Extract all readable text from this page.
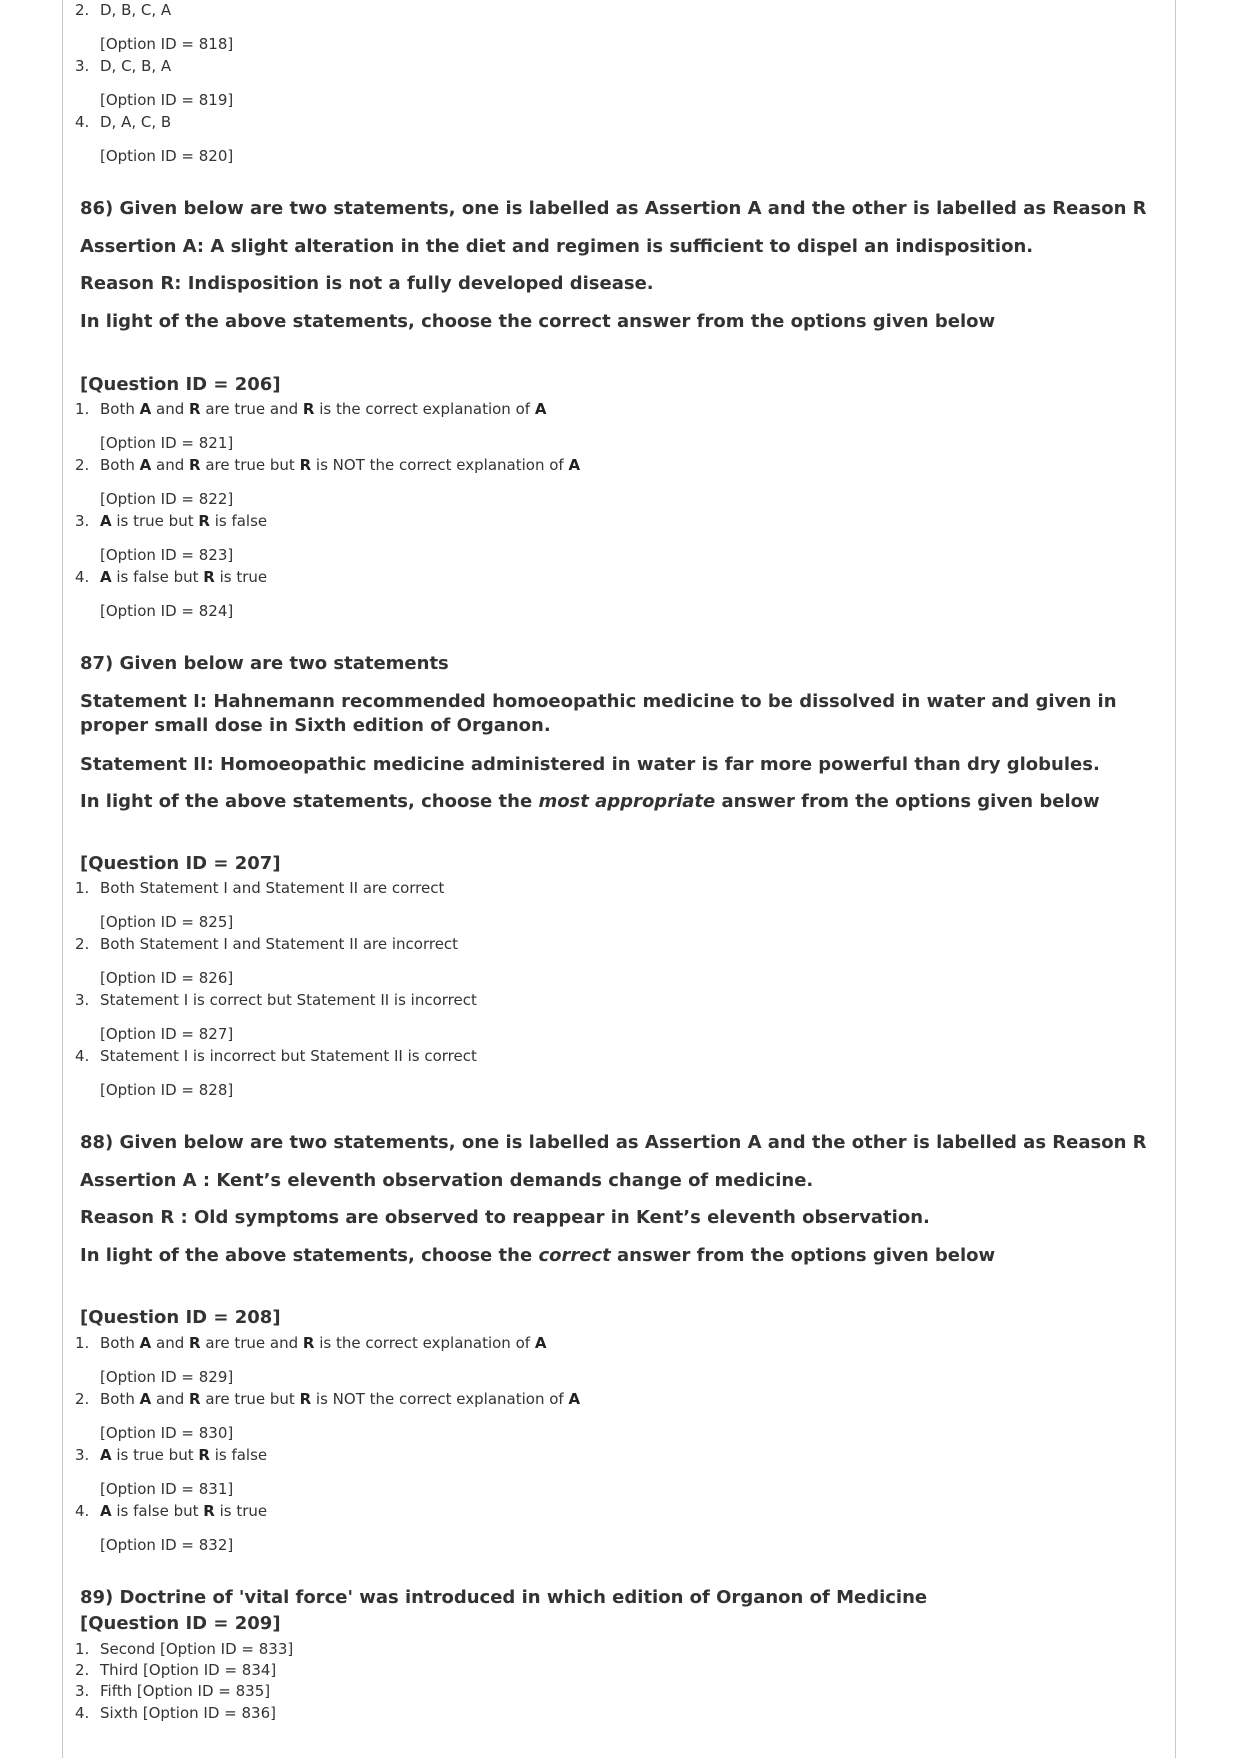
2. D, B, C, A
[Option ID = 818]
3. D, C, B, A
[Option ID = 819]
4. D, A, C, B
[Option ID = 820]
86) Given below are two statements, one is labelled as Assertion A and the other is labelled as Reason R
Assertion A: A slight alteration in the diet and regimen is sufficient to dispel an indisposition.
Reason R: Indisposition is not a fully developed disease.
In light of the above statements, choose the correct answer from the options given below
[Question ID = 206]
1. Both A and R are true and R is the correct explanation of A
[Option ID = 821]
2. Both A and R are true but R is NOT the correct explanation of A
[Option ID = 822]
3. A is true but R is false
[Option ID = 823]
4. A is false but R is true
[Option ID = 824]
87) Given below are two statements
Statement I: Hahnemann recommended homoeopathic medicine to be dissolved in water and given in proper small dose in Sixth edition of Organon.
Statement II: Homoeopathic medicine administered in water is far more powerful than dry globules.
In light of the above statements, choose the most appropriate answer from the options given below
[Question ID = 207]
1. Both Statement I and Statement II are correct
[Option ID = 825]
2. Both Statement I and Statement II are incorrect
[Option ID = 826]
3. Statement I is correct but Statement II is incorrect
[Option ID = 827]
4. Statement I is incorrect but Statement II is correct
[Option ID = 828]
88) Given below are two statements, one is labelled as Assertion A and the other is labelled as Reason R
Assertion A : Kent’s eleventh observation demands change of medicine.
Reason R : Old symptoms are observed to reappear in Kent’s eleventh observation.
In light of the above statements, choose the correct answer from the options given below
[Question ID = 208]
1. Both A and R are true and R is the correct explanation of A
[Option ID = 829]
2. Both A and R are true but R is NOT the correct explanation of A
[Option ID = 830]
3. A is true but R is false
[Option ID = 831]
4. A is false but R is true
[Option ID = 832]
89) Doctrine of 'vital force' was introduced in which edition of Organon of Medicine
[Question ID = 209]
1. Second [Option ID = 833]
2. Third [Option ID = 834]
3. Fifth [Option ID = 835]
4. Sixth [Option ID = 836]
